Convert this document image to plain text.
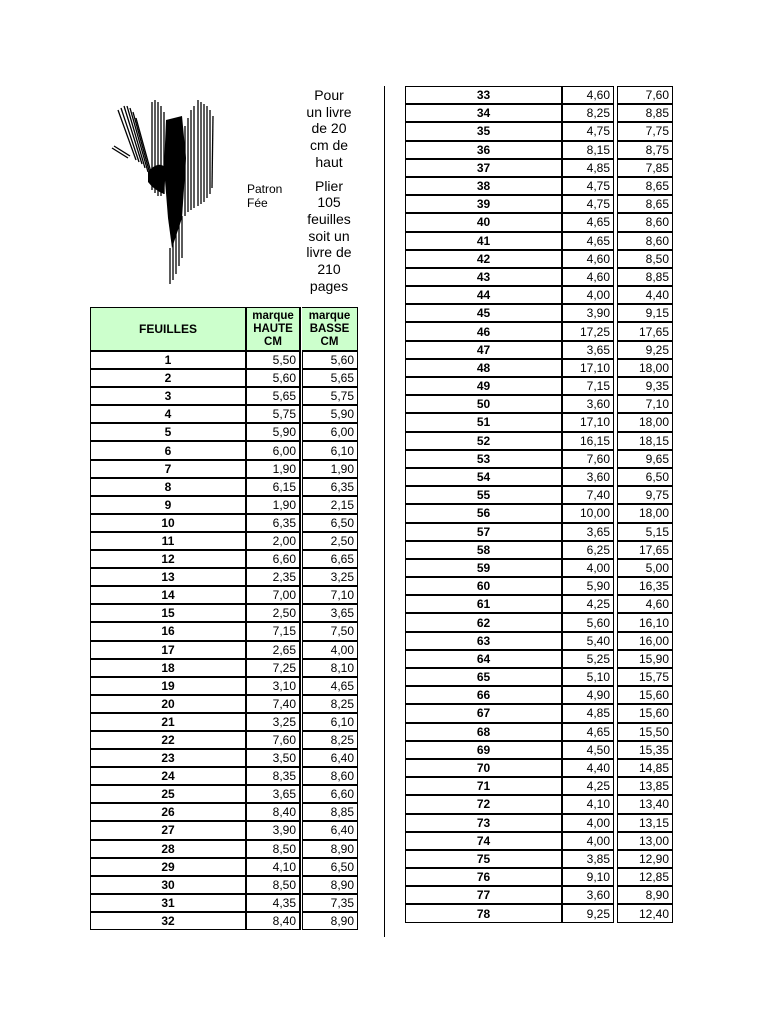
Patron
Fée

Pour
un livre
de 20
cm de
haut

Plier
105
feuilles
soit un
livre de
210
pages

FEUILLES	marque
HAUTE
CM		marque
BASSE
CM
1	5,50		5,60
2	5,60		5,65
3	5,65		5,75
4	5,75		5,90
5	5,90		6,00
6	6,00		6,10
7	1,90		1,90
8	6,15		6,35
9	1,90		2,15
10	6,35		6,50
11	2,00		2,50
12	6,60		6,65
13	2,35		3,25
14	7,00		7,10
15	2,50		3,65
16	7,15		7,50
17	2,65		4,00
18	7,25		8,10
19	3,10		4,65
20	7,40		8,25
21	3,25		6,10
22	7,60		8,25
23	3,50		6,40
24	8,35		8,60
25	3,65		6,60
26	8,40		8,85
27	3,90		6,40
28	8,50		8,90
29	4,10		6,50
30	8,50		8,90
31	4,35		7,35
32	8,40		8,90
33	4,60		7,60
34	8,25		8,85
35	4,75		7,75
36	8,15		8,75
37	4,85		7,85
38	4,75		8,65
39	4,75		8,65
40	4,65		8,60
41	4,65		8,60
42	4,60		8,50
43	4,60		8,85
44	4,00		4,40
45	3,90		9,15
46	17,25		17,65
47	3,65		9,25
48	17,10		18,00
49	7,15		9,35
50	3,60		7,10
51	17,10		18,00
52	16,15		18,15
53	7,60		9,65
54	3,60		6,50
55	7,40		9,75
56	10,00		18,00
57	3,65		5,15
58	6,25		17,65
59	4,00		5,00
60	5,90		16,35
61	4,25		4,60
62	5,60		16,10
63	5,40		16,00
64	5,25		15,90
65	5,10		15,75
66	4,90		15,60
67	4,85		15,60
68	4,65		15,50
69	4,50		15,35
70	4,40		14,85
71	4,25		13,85
72	4,10		13,40
73	4,00		13,15
74	4,00		13,00
75	3,85		12,90
76	9,10		12,85
77	3,60		8,90
78	9,25		12,40
